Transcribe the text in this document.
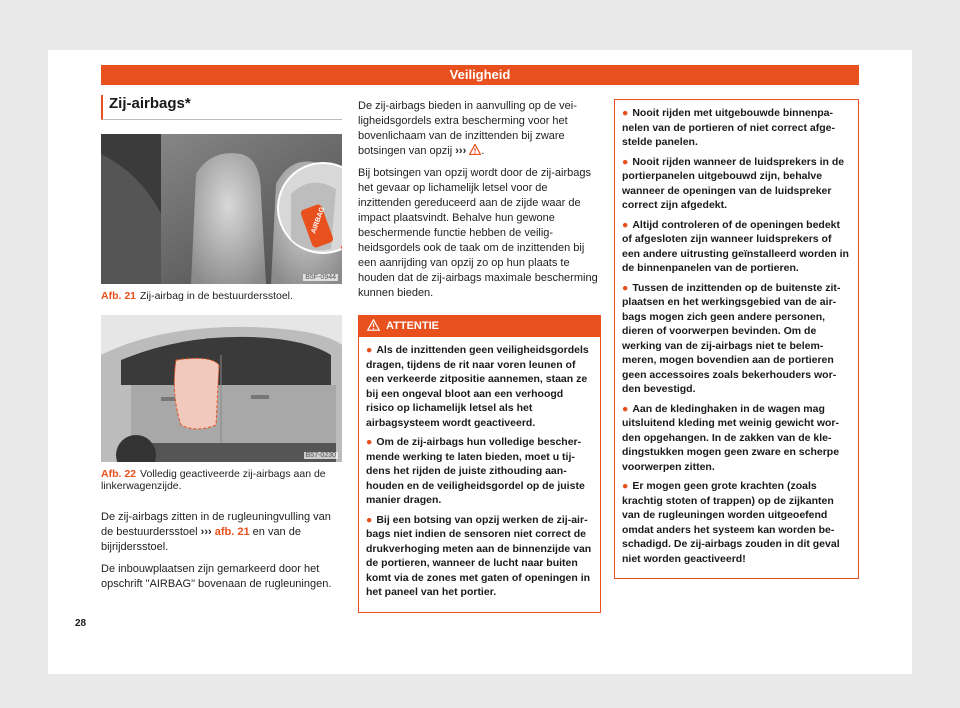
Veiligheid
Zij-airbags*
AIRBAG
B5F-0944
Afb. 21 Zij-airbag in de bestuurdersstoel.
B57-0230
Afb. 22 Volledig geactiveerde zij-airbags aan de linkerwagenzijde.

De zij-airbags zitten in de rugleuningvulling van de bestuurdersstoel ››› afb. 21 en van de bijrijdersstoel.

De inbouwplaatsen zijn gemarkeerd door het opschrift "AIRBAG" bovenaan de rugleuningen.

De zij-airbags bieden in aanvulling op de veiligheidsgordels extra bescherming voor het bovenlichaam van de inzittenden bij zware botsingen van opzij ››› .

Bij botsingen van opzij wordt door de zij-airbags het gevaar op lichamelijk letsel voor de inzittenden gereduceerd aan de zijde waar de impact plaatsvindt. Behalve hun gewone beschermende functie hebben de veiligheidsgordels ook de taak om de inzittenden bij een aanrijding van opzij zo op hun plaats te houden dat de zij-airbags maximale bescherming kunnen bieden.

ATTENTIE

● Als de inzittenden geen veiligheidsgordels dragen, tijdens de rit naar voren leunen of een verkeerde zitpositie aannemen, staan ze bij een ongeval bloot aan een verhoogd risico op lichamelijk letsel als het airbagsysteem wordt geactiveerd.

● Om de zij-airbags hun volledige beschermende werking te laten bieden, moet u tijdens het rijden de juiste zithouding aanhouden en de veiligheidsgordel op de juiste manier dragen.

● Bij een botsing van opzij werken de zij-airbags niet indien de sensoren niet correct de drukverhoging meten aan de binnenzijde van de portieren, wanneer de lucht naar buiten komt via de zones met gaten of openingen in het paneel van het portier.

● Nooit rijden met uitgebouwde binnenpanelen van de portieren of niet correct afgestelde panelen.

● Nooit rijden wanneer de luidsprekers in de portierpanelen uitgebouwd zijn, behalve wanneer de openingen van de luidspreker correct zijn afgedekt.

● Altijd controleren of de openingen bedekt of afgesloten zijn wanneer luidsprekers of een andere uitrusting geïnstalleerd worden in de binnenpanelen van de portieren.

● Tussen de inzittenden op de buitenste zitplaatsen en het werkingsgebied van de airbags mogen zich geen andere personen, dieren of voorwerpen bevinden. Om de werking van de zij-airbags niet te belemmeren, mogen bovendien aan de portieren geen accessoires zoals bekerhouders worden bevestigd.

● Aan de kledinghaken in de wagen mag uitsluitend kleding met weinig gewicht worden opgehangen. In de zakken van de kledingstukken mogen geen zware en scherpe voorwerpen zitten.

● Er mogen geen grote krachten (zoals krachtig stoten of trappen) op de zijkanten van de rugleuningen worden uitgeoefend omdat anders het systeem kan worden beschadigd. De zij-airbags zouden in dit geval niet worden geactiveerd!

28
